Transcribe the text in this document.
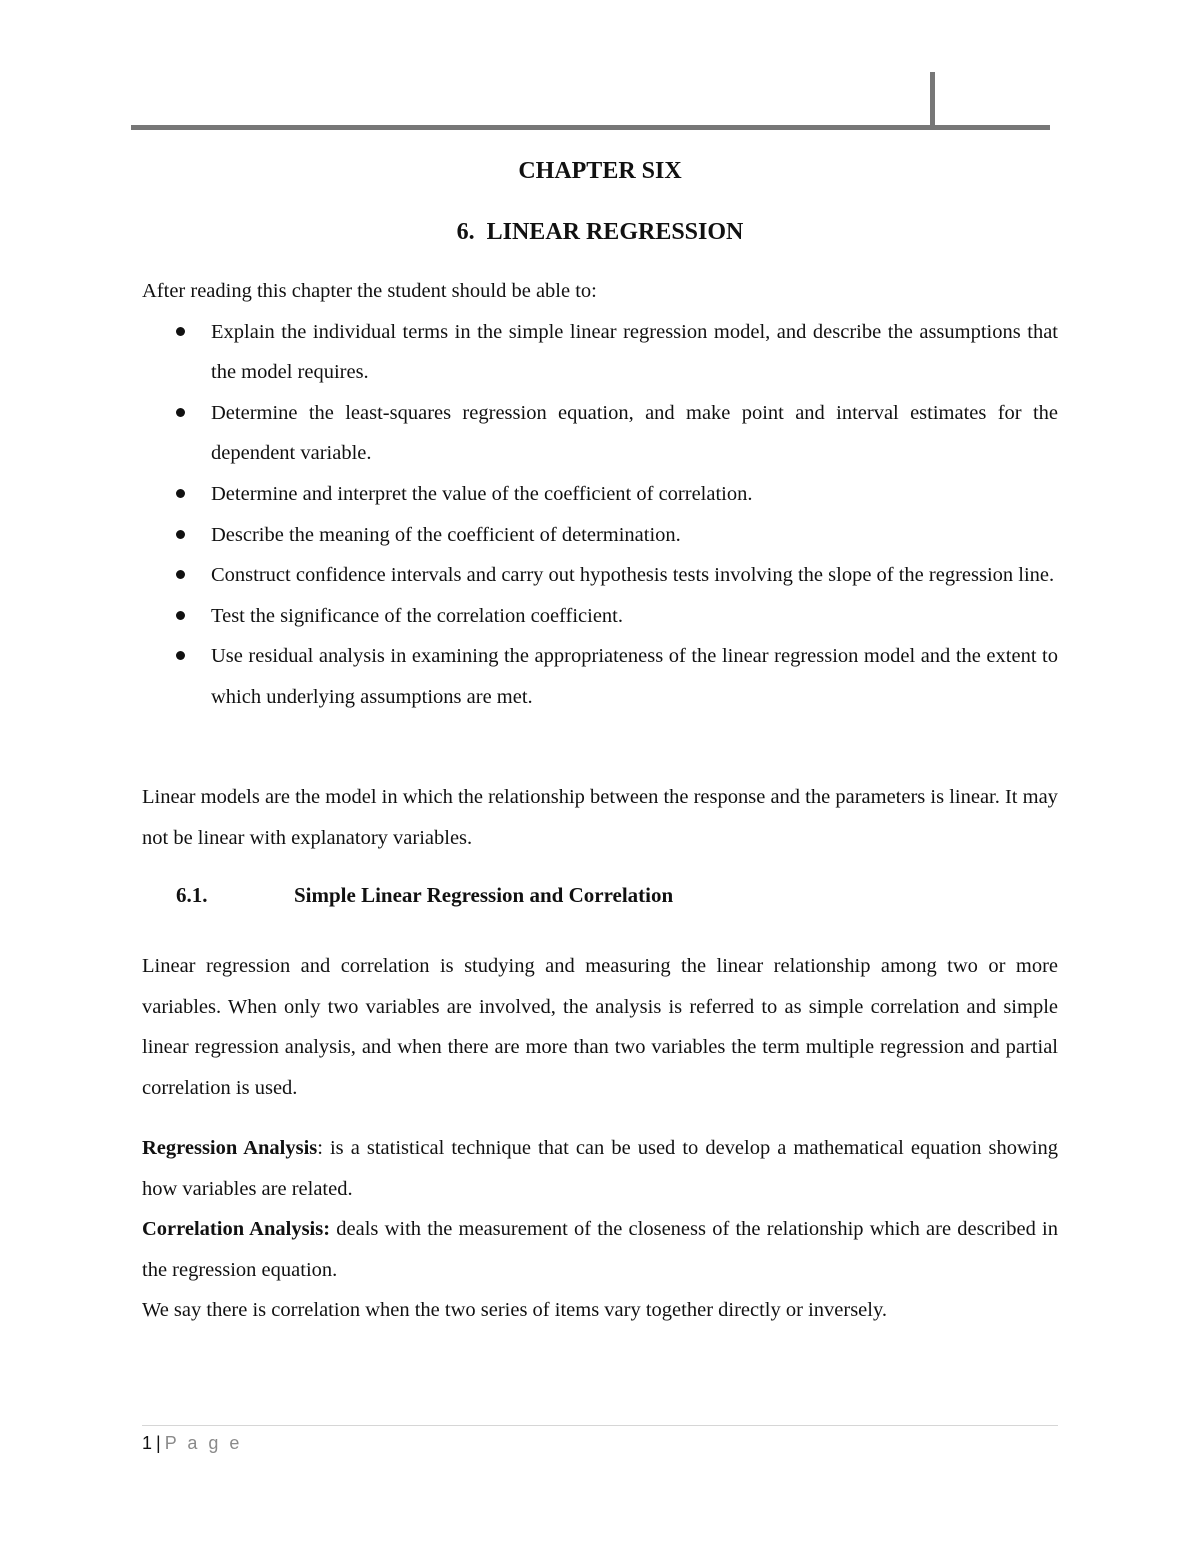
CHAPTER SIX
6. LINEAR REGRESSION
After reading this chapter the student should be able to:
Explain the individual terms in the simple linear regression model, and describe the assumptions that the model requires.
Determine the least-squares regression equation, and make point and interval estimates for the dependent variable.
Determine and interpret the value of the coefficient of correlation.
Describe the meaning of the coefficient of determination.
Construct confidence intervals and carry out hypothesis tests involving the slope of the regression line.
Test the significance of the correlation coefficient.
Use residual analysis in examining the appropriateness of the linear regression model and the extent to which underlying assumptions are met.
Linear models are the model in which the relationship between the response and the parameters is linear. It may not be linear with explanatory variables.
6.1.	Simple Linear Regression and Correlation
Linear regression and correlation is studying and measuring the linear relationship among two or more variables. When only two variables are involved, the analysis is referred to as simple correlation and simple linear regression analysis, and when there are more than two variables the term multiple regression and partial correlation is used.

Regression Analysis: is a statistical technique that can be used to develop a mathematical equation showing how variables are related.

Correlation Analysis: deals with the measurement of the closeness of the relationship which are described in the regression equation.

We say there is correlation when the two series of items vary together directly or inversely.

1 | P a g e
